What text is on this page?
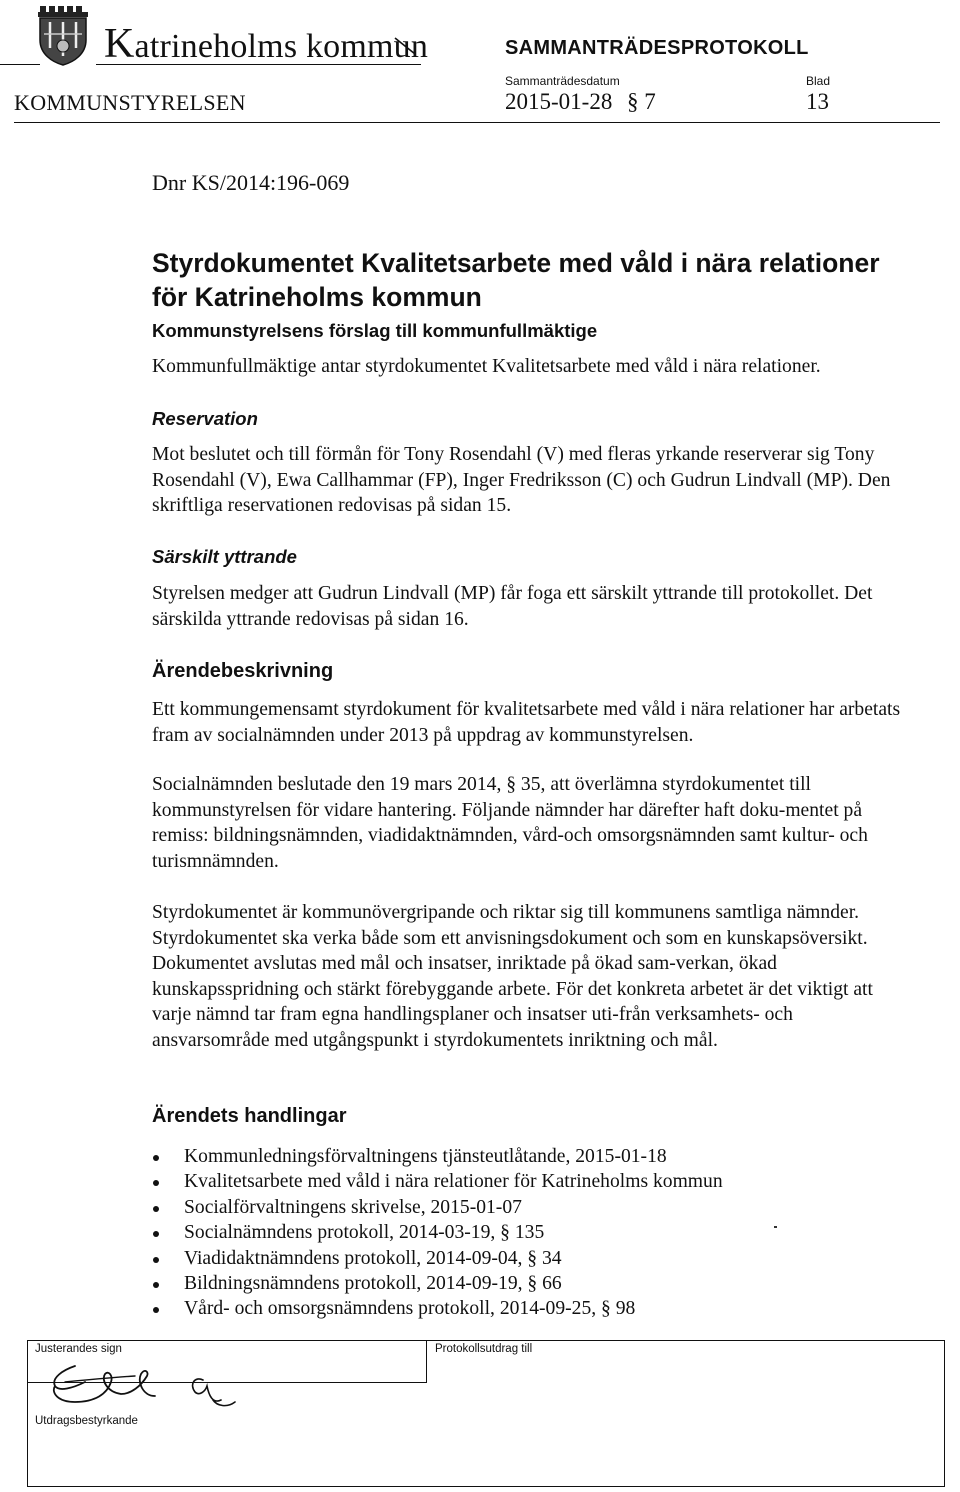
Katrineholms kommun	SAMMANTRÄDESPROTOKOLL
KOMMUNSTYRELSEN
Sammanträdesdatum	Blad
2015-01-28 § 7	13
Dnr KS/2014:196-069
Styrdokumentet Kvalitetsarbete med våld i nära relationer
för Katrineholms kommun
Kommunstyrelsens förslag till kommunfullmäktige

Kommunfullmäktige antar styrdokumentet Kvalitetsarbete med våld i nära relationer.

Reservation

Mot beslutet och till förmån för Tony Rosendahl (V) med fleras yrkande reserverar sig Tony Rosendahl (V), Ewa Callhammar (FP), Inger Fredriksson (C) och Gudrun Lindvall (MP). Den skriftliga reservationen redovisas på sidan 15.

Särskilt yttrande

Styrelsen medger att Gudrun Lindvall (MP) får foga ett särskilt yttrande till protokollet. Det särskilda yttrande redovisas på sidan 16.

Ärendebeskrivning

Ett kommungemensamt styrdokument för kvalitetsarbete med våld i nära relationer har arbetats fram av socialnämnden under 2013 på uppdrag av kommunstyrelsen.

Socialnämnden beslutade den 19 mars 2014, § 35, att överlämna styrdokumentet till kommunstyrelsen för vidare hantering. Följande nämnder har därefter haft doku-mentet på remiss: bildningsnämnden, viadidaktnämnden, vård-och omsorgsnämnden samt kultur- och turismnämnden.

Styrdokumentet är kommunövergripande och riktar sig till kommunens samtliga nämnder. Styrdokumentet ska verka både som ett anvisningsdokument och som en kunskapsöversikt. Dokumentet avslutas med mål och insatser, inriktade på ökad sam-verkan, ökad kunskapsspridning och stärkt förebyggande arbete. För det konkreta arbetet är det viktigt att varje nämnd tar fram egna handlingsplaner och insatser uti-från verksamhets- och ansvarsområde med utgångspunkt i styrdokumentets inriktning och mål.

Ärendets handlingar
Kommunledningsförvaltningens tjänsteutlåtande, 2015-01-18
Kvalitetsarbete med våld i nära relationer för Katrineholms kommun
Socialförvaltningens skrivelse, 2015-01-07
Socialnämndens protokoll, 2014-03-19, § 135
Viadidaktnämndens protokoll, 2014-09-04, § 34
Bildningsnämndens protokoll, 2014-09-19, § 66
Vård- och omsorgsnämndens protokoll, 2014-09-25, § 98
Justerandes sign	Protokollsutdrag till
Utdragsbestyrkande
